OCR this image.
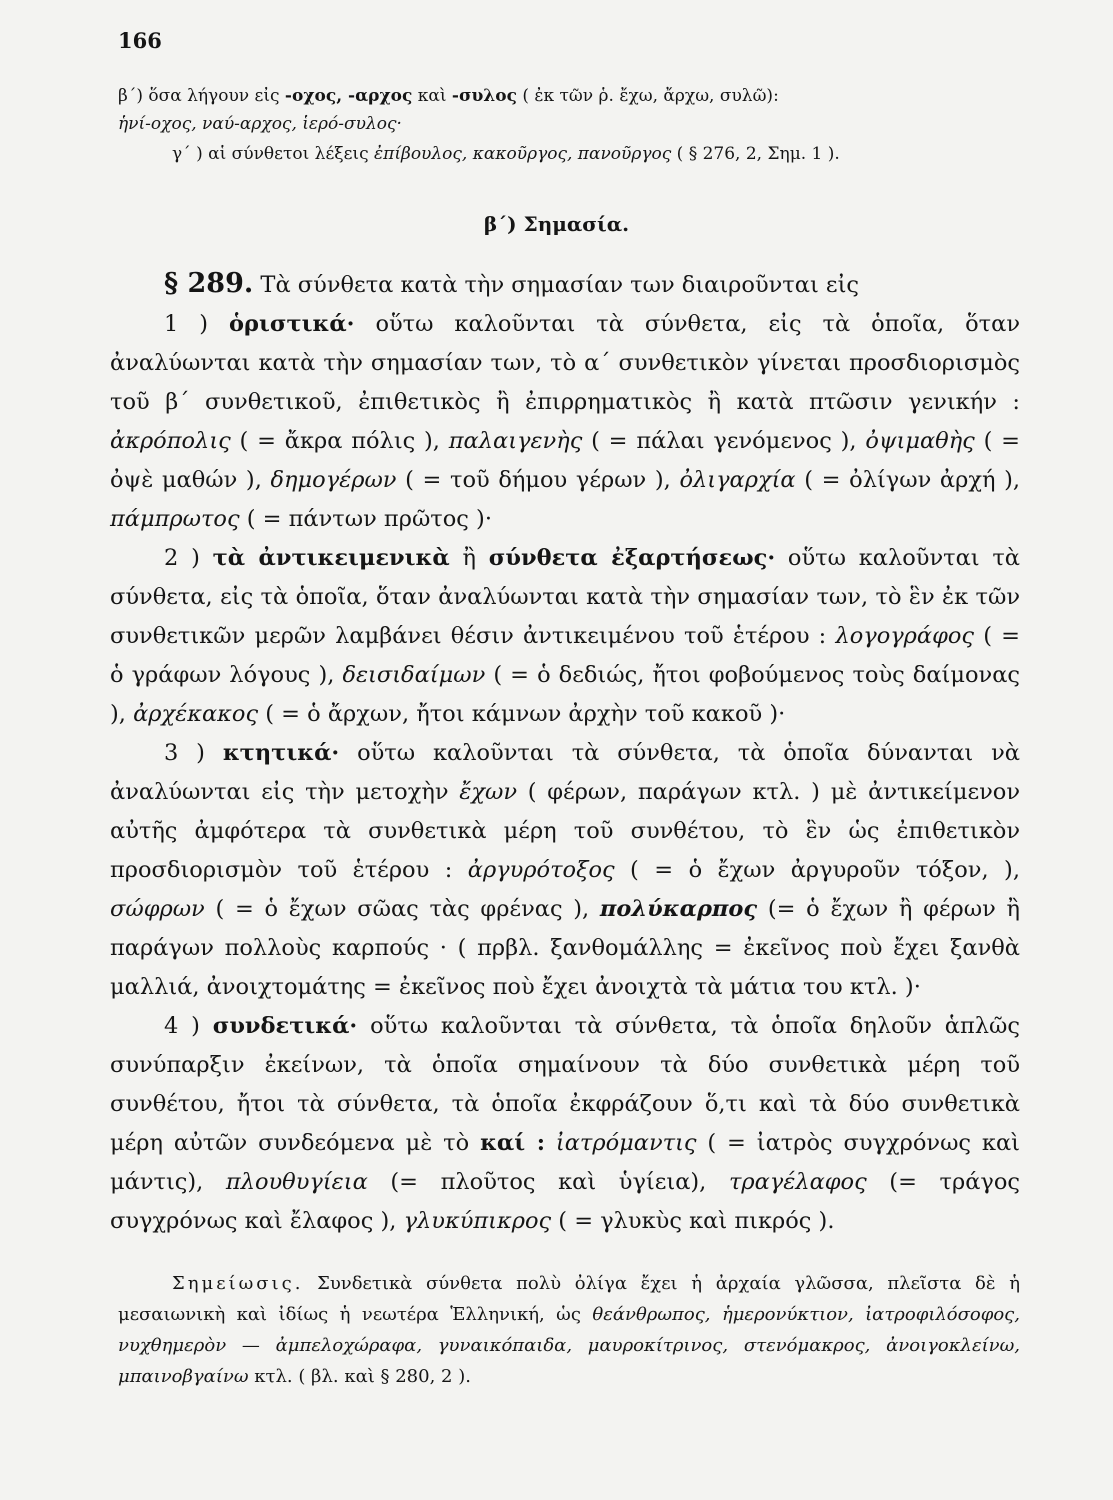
166
β΄) ὅσα λήγουν εἰς -οχος, -αρχος καὶ -συλος ( ἐκ τῶν ῥ. ἔχω, ἄρχω, συλῶ):
ἡνί-οχος, ναύ-αρχος, ἱερό-συλος·
γ΄ ) αἱ σύνθετοι λέξεις ἐπίβουλος, κακοῦργος, πανοῦργος ( § 276, 2, Σημ. 1 ).
β΄) Σημασία.

§ 289. Τὰ σύνθετα κατὰ τὴν σημασίαν των διαιροῦνται εἰς

1 ) ὁριστικά· οὕτω καλοῦνται τὰ σύνθετα, εἰς τὰ ὁποῖα, ὅταν ἀναλύωνται κατὰ τὴν σημασίαν των, τὸ α΄ συνθετικὸν γίνεται προσδιορισμὸς τοῦ β΄ συνθετικοῦ, ἐπιθετικὸς ἢ ἐπιρρηματικὸς ἢ κατὰ πτῶσιν γενικήν : ἀκρόπολις ( = ἄκρα πόλις ), παλαιγενὴς ( = πάλαι γενόμενος ), ὀψιμαθὴς ( = ὀψὲ μαθών ), δημογέρων ( = τοῦ δήμου γέρων ), ὀλιγαρχία ( = ὀλίγων ἀρχή ), πάμπρωτος ( = πάντων πρῶτος )·

2 ) τὰ ἀντικειμενικὰ ἢ σύνθετα ἐξαρτήσεως· οὕτω καλοῦνται τὰ σύνθετα, εἰς τὰ ὁποῖα, ὅταν ἀναλύωνται κατὰ τὴν σημασίαν των, τὸ ἓν ἐκ τῶν συνθετικῶν μερῶν λαμβάνει θέσιν ἀντικειμένου τοῦ ἑτέρου : λογογράφος ( = ὁ γράφων λόγους ), δεισιδαίμων ( = ὁ δεδιώς, ἤτοι φοβούμενος τοὺς δαίμονας ), ἀρχέκακος ( = ὁ ἄρχων, ἤτοι κάμνων ἀρχὴν τοῦ κακοῦ )·

3 ) κτητικά· οὕτω καλοῦνται τὰ σύνθετα, τὰ ὁποῖα δύνανται νὰ ἀναλύωνται εἰς τὴν μετοχὴν ἔχων ( φέρων, παράγων κτλ. ) μὲ ἀντικείμενον αὐτῆς ἀμφότερα τὰ συνθετικὰ μέρη τοῦ συνθέτου, τὸ ἓν ὡς ἐπιθετικὸν προσδιορισμὸν τοῦ ἑτέρου : ἀργυρότοξος ( = ὁ ἔχων ἀργυροῦν τόξον, ), σώφρων ( = ὁ ἔχων σῶας τὰς φρένας ), πολύκαρπος (= ὁ ἔχων ἢ φέρων ἢ παράγων πολλοὺς καρπούς · ( πρβλ. ξανθομάλλης = ἐκεῖνος ποὺ ἔχει ξανθὰ μαλλιά, ἀνοιχτομάτης = ἐκεῖνος ποὺ ἔχει ἀνοιχτὰ τὰ μάτια του κτλ. )·

4 ) συνδετικά· οὕτω καλοῦνται τὰ σύνθετα, τὰ ὁποῖα δηλοῦν ἁπλῶς συνύπαρξιν ἐκείνων, τὰ ὁποῖα σημαίνουν τὰ δύο συνθετικὰ μέρη τοῦ συνθέτου, ἤτοι τὰ σύνθετα, τὰ ὁποῖα ἐκφράζουν ὅ,τι καὶ τὰ δύο συνθετικὰ μέρη αὐτῶν συνδεόμενα μὲ τὸ καί : ἰατρόμαντις ( = ἰατρὸς συγχρόνως καὶ μάντις), πλουθυγίεια (= πλοῦτος καὶ ὑγίεια), τραγέλαφος (= τράγος συγχρόνως καὶ ἔλαφος ), γλυκύπικρος ( = γλυκὺς καὶ πικρός ).

Σημείωσις. Συνδετικὰ σύνθετα πολὺ ὀλίγα ἔχει ἡ ἀρχαία γλῶσσα, πλεῖστα δὲ ἡ μεσαιωνικὴ καὶ ἰδίως ἡ νεωτέρα Ἑλληνική, ὡς θεάνθρωπος, ἡμερονύκτιον, ἰατροφιλόσοφος, νυχθημερὸν — ἀμπελοχώραφα, γυναικόπαιδα, μαυροκίτρινος, στενόμακρος, ἀνοιγοκλείνω, μπαινοβγαίνω κτλ. ( βλ. καὶ § 280, 2 ).
